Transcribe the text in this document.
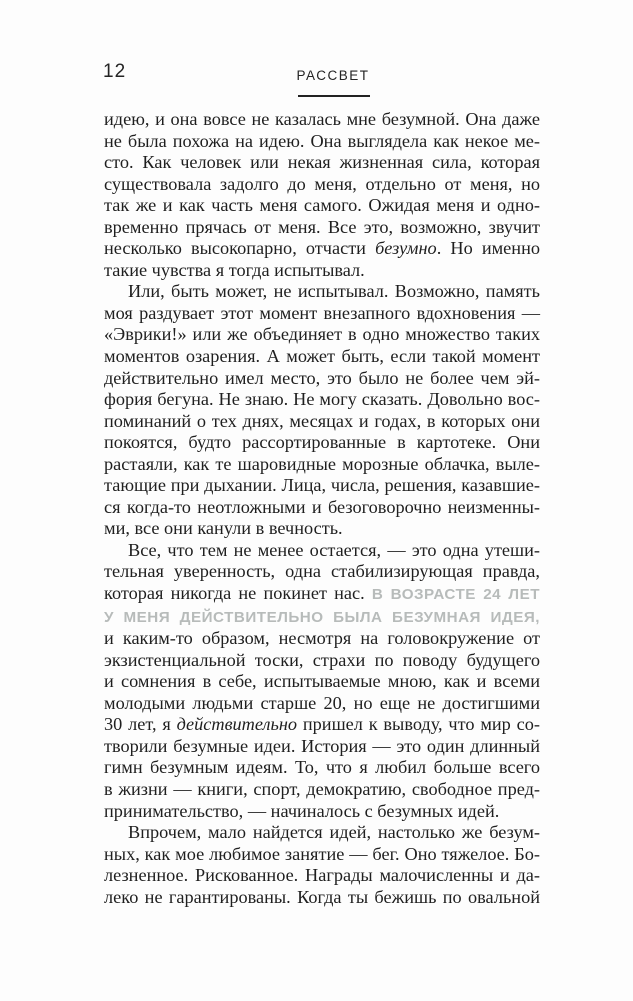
12	РАССВЕТ
идею, и она вовсе не казалась мне безумной. Она даже
не была похожа на идею. Она выглядела как некое ме-
сто. Как человек или некая жизненная сила, которая
существовала задолго до меня, отдельно от меня, но
так же и как часть меня самого. Ожидая меня и одно-
временно прячась от меня. Все это, возможно, звучит
несколько высокопарно, отчасти безумно. Но именно
такие чувства я тогда испытывал.
Или, быть может, не испытывал. Возможно, память
моя раздувает этот момент внезапного вдохновения —
«Эврики!» или же объединяет в одно множество таких
моментов озарения. А может быть, если такой момент
действительно имел место, это было не более чем эй-
фория бегуна. Не знаю. Не могу сказать. Довольно вос-
поминаний о тех днях, месяцах и годах, в которых они
покоятся, будто рассортированные в картотеке. Они
растаяли, как те шаровидные морозные облачка, выле-
тающие при дыхании. Лица, числа, решения, казавшие-
ся когда-то неотложными и безоговорочно неизменны-
ми, все они канули в вечность.
Все, что тем не менее остается, — это одна утеши-
тельная уверенность, одна стабилизирующая правда,
которая никогда не покинет нас. В ВОЗРАСТЕ 24 ЛЕТ
У МЕНЯ ДЕЙСТВИТЕЛЬНО БЫЛА БЕЗУМНАЯ ИДЕЯ,
и каким-то образом, несмотря на головокружение от
экзистенциальной тоски, страхи по поводу будущего
и сомнения в себе, испытываемые мною, как и всеми
молодыми людьми старше 20, но еще не достигшими
30 лет, я действительно пришел к выводу, что мир со-
творили безумные идеи. История — это один длинный
гимн безумным идеям. То, что я любил больше всего
в жизни — книги, спорт, демократию, свободное пред-
принимательство, — начиналось с безумных идей.
Впрочем, мало найдется идей, настолько же безум-
ных, как мое любимое занятие — бег. Оно тяжелое. Бо-
лезненное. Рискованное. Награды малочисленны и да-
леко не гарантированы. Когда ты бежишь по овальной
